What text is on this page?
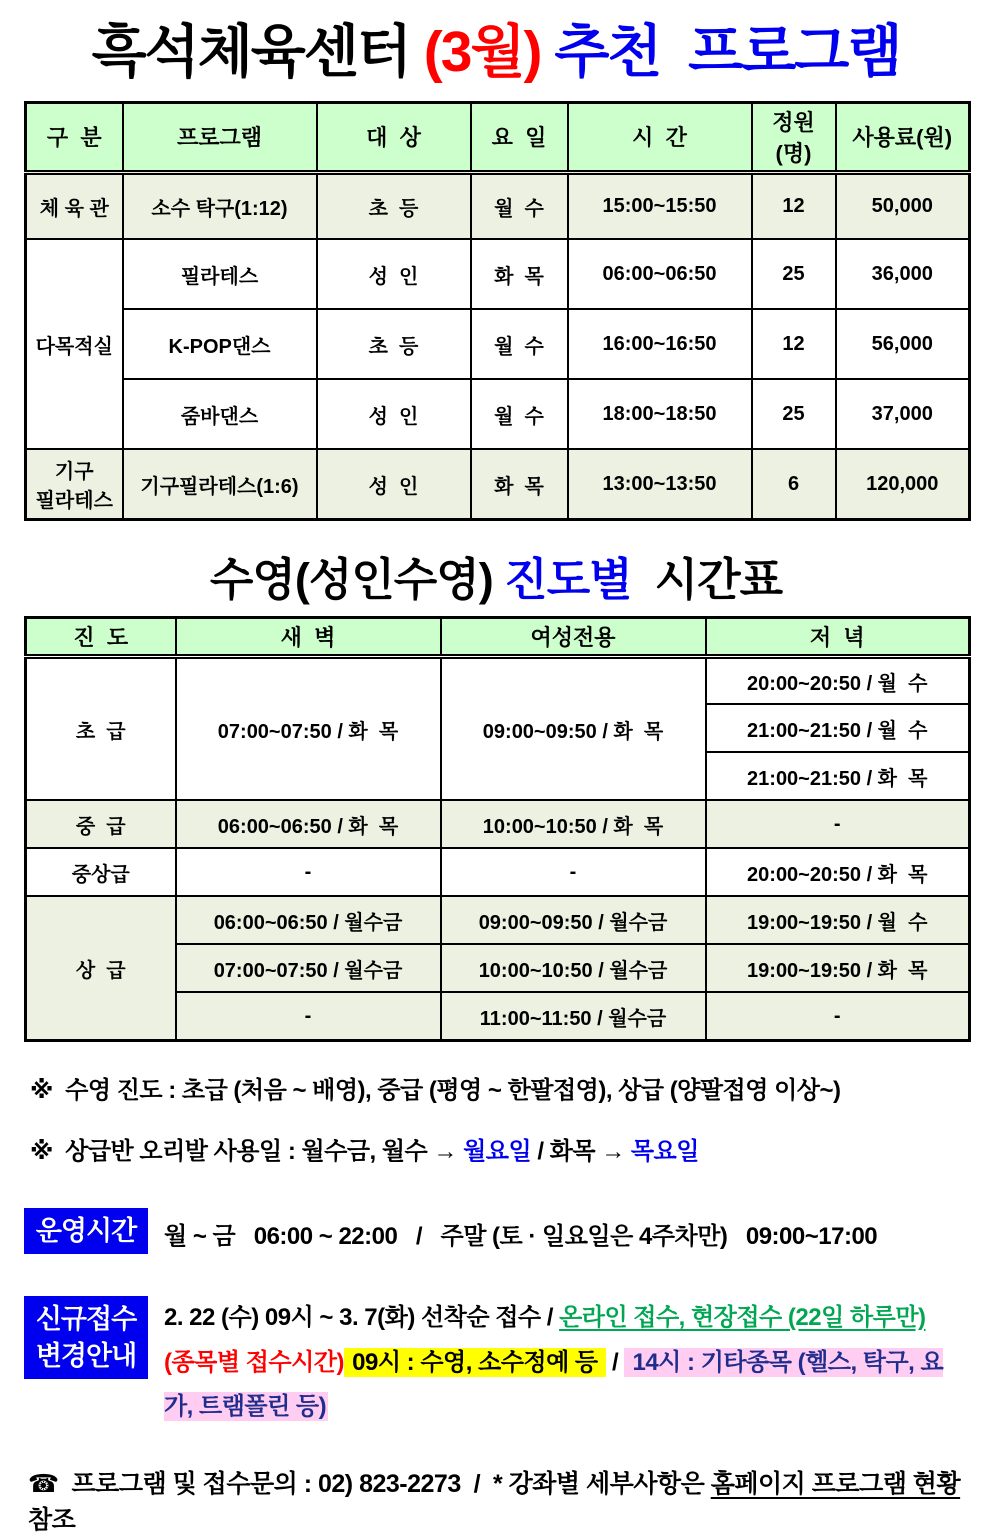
흑석체육센터 (3월) 추천  프로그램
구  분	프로그램	대  상	요  일	시  간	정원(명)	사용료(원)
체 육 관	소수 탁구(1:12)	초  등	월  수	15:00~15:50	12	50,000
다목적실	필라테스	성  인	화  목	06:00~06:50	25	36,000
	K-POP댄스	초  등	월  수	16:00~16:50	12	56,000
	줌바댄스	성  인	월  수	18:00~18:50	25	37,000
기구
필라테스	기구필라테스(1:6)	성  인	화  목	13:00~13:50	6	120,000
수영(성인수영) 진도별  시간표
진  도	새  벽	여성전용	저  녁
초  급	07:00~07:50 / 화  목	09:00~09:50 / 화  목	20:00~20:50 / 월  수
			21:00~21:50 / 월  수
			21:00~21:50 / 화  목
중  급	06:00~06:50 / 화  목	10:00~10:50 / 화  목	-
중상급	-	-	20:00~20:50 / 화  목
상  급	06:00~06:50 / 월수금	09:00~09:50 / 월수금	19:00~19:50 / 월  수
	07:00~07:50 / 월수금	10:00~10:50 / 월수금	19:00~19:50 / 화  목
	-	11:00~11:50 / 월수금	-
※  수영 진도 : 초급 (처음 ~ 배영), 중급 (평영 ~ 한팔접영), 상급 (양팔접영 이상~)
※  상급반 오리발 사용일 : 월수금, 월수 → 월요일 / 화목 → 목요일
운영시간	월 ~ 금   06:00 ~ 22:00   /   주말 (토 · 일요일은 4주차만)   09:00~17:00
신규접수
변경안내
2. 22 (수) 09시 ~ 3. 7(화) 선착순 접수 / 온라인 접수, 현장접수 (22일 하루만)
(종목별 접수시간) 09시 : 수영, 소수정예 등  /  14시 : 기타종목 (헬스, 탁구, 요가, 트램폴린 등)
☎  프로그램 및 접수문의 : 02) 823-2273  /  * 강좌별 세부사항은 홈페이지 프로그램 현황 참조
